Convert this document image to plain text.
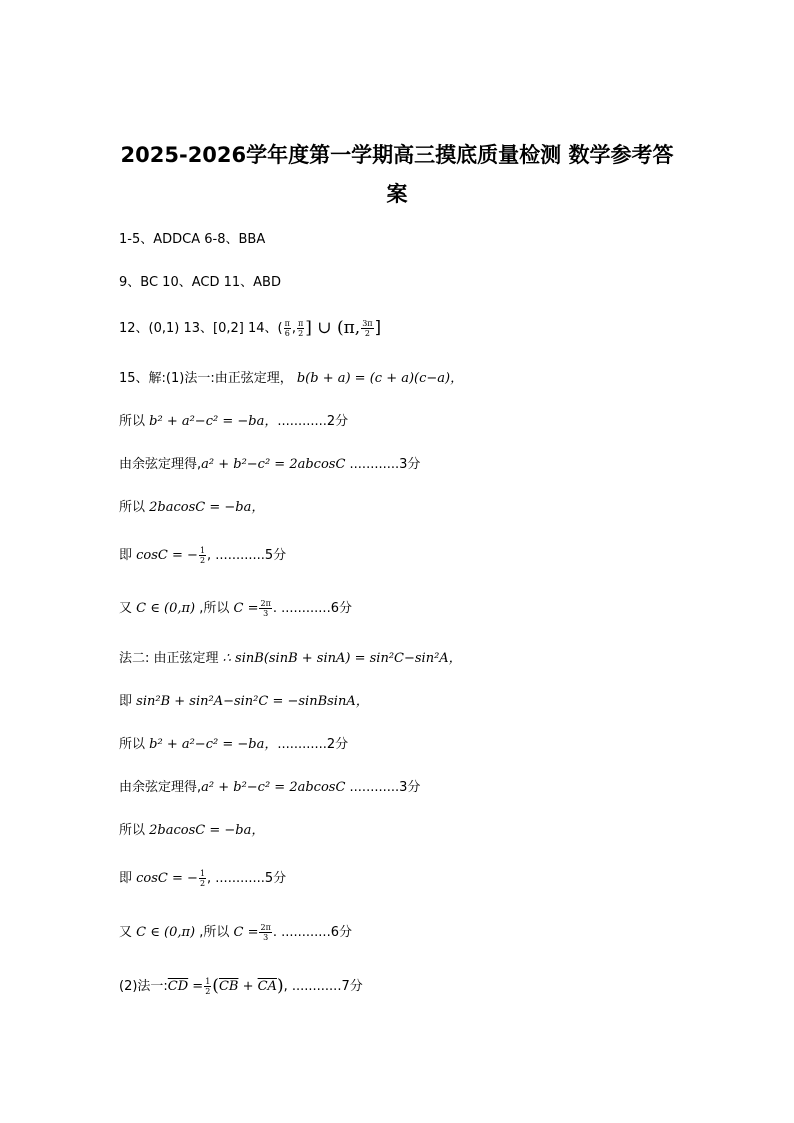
2025-2026学年度第一学期高三摸底质量检测 数学参考答
案
1-5、ADDCA 6-8、BBA
9、BC 10、ACD 11、ABD
12、(0,1) 13、[0,2] 14、( $\frac{\pi}{6}$ , $\frac{\pi}{2}$ ] ∪ (π, $\frac{3\pi}{2}$ ]
15、解:(1)法一:由正弦定理， b(b + a) = (c + a)(c−a)，
所以 b² + a²−c² = −ba，............2分
由余弦定理得,a² + b²−c² = 2abcosC ............3分
所以 2bacosC = −ba，
即 cosC = − $\frac{1}{2}$ , ............5分
又 C ∈ (0,π) ,所以 $C = \frac{2\pi}{3}$ . ............6分
法二: 由正弦定理 ∴ sinB(sinB + sinA) = sin²C−sin²A，
即 sin²B + sin²A−sin²C = −sinBsinA，
所以 b² + a²−c² = −ba，............2分
由余弦定理得,a² + b²−c² = 2abcosC ............3分
所以 2bacosC = −ba，
即 cosC = − $\frac{1}{2}$ , ............5分
又 C ∈ (0,π) ,所以 $C = \frac{2\pi}{3}$ . ............6分
(2)法一$:\overline{CD} = \frac{1}{2} (\overline{CB} + \overline{CA})$, ............7分
